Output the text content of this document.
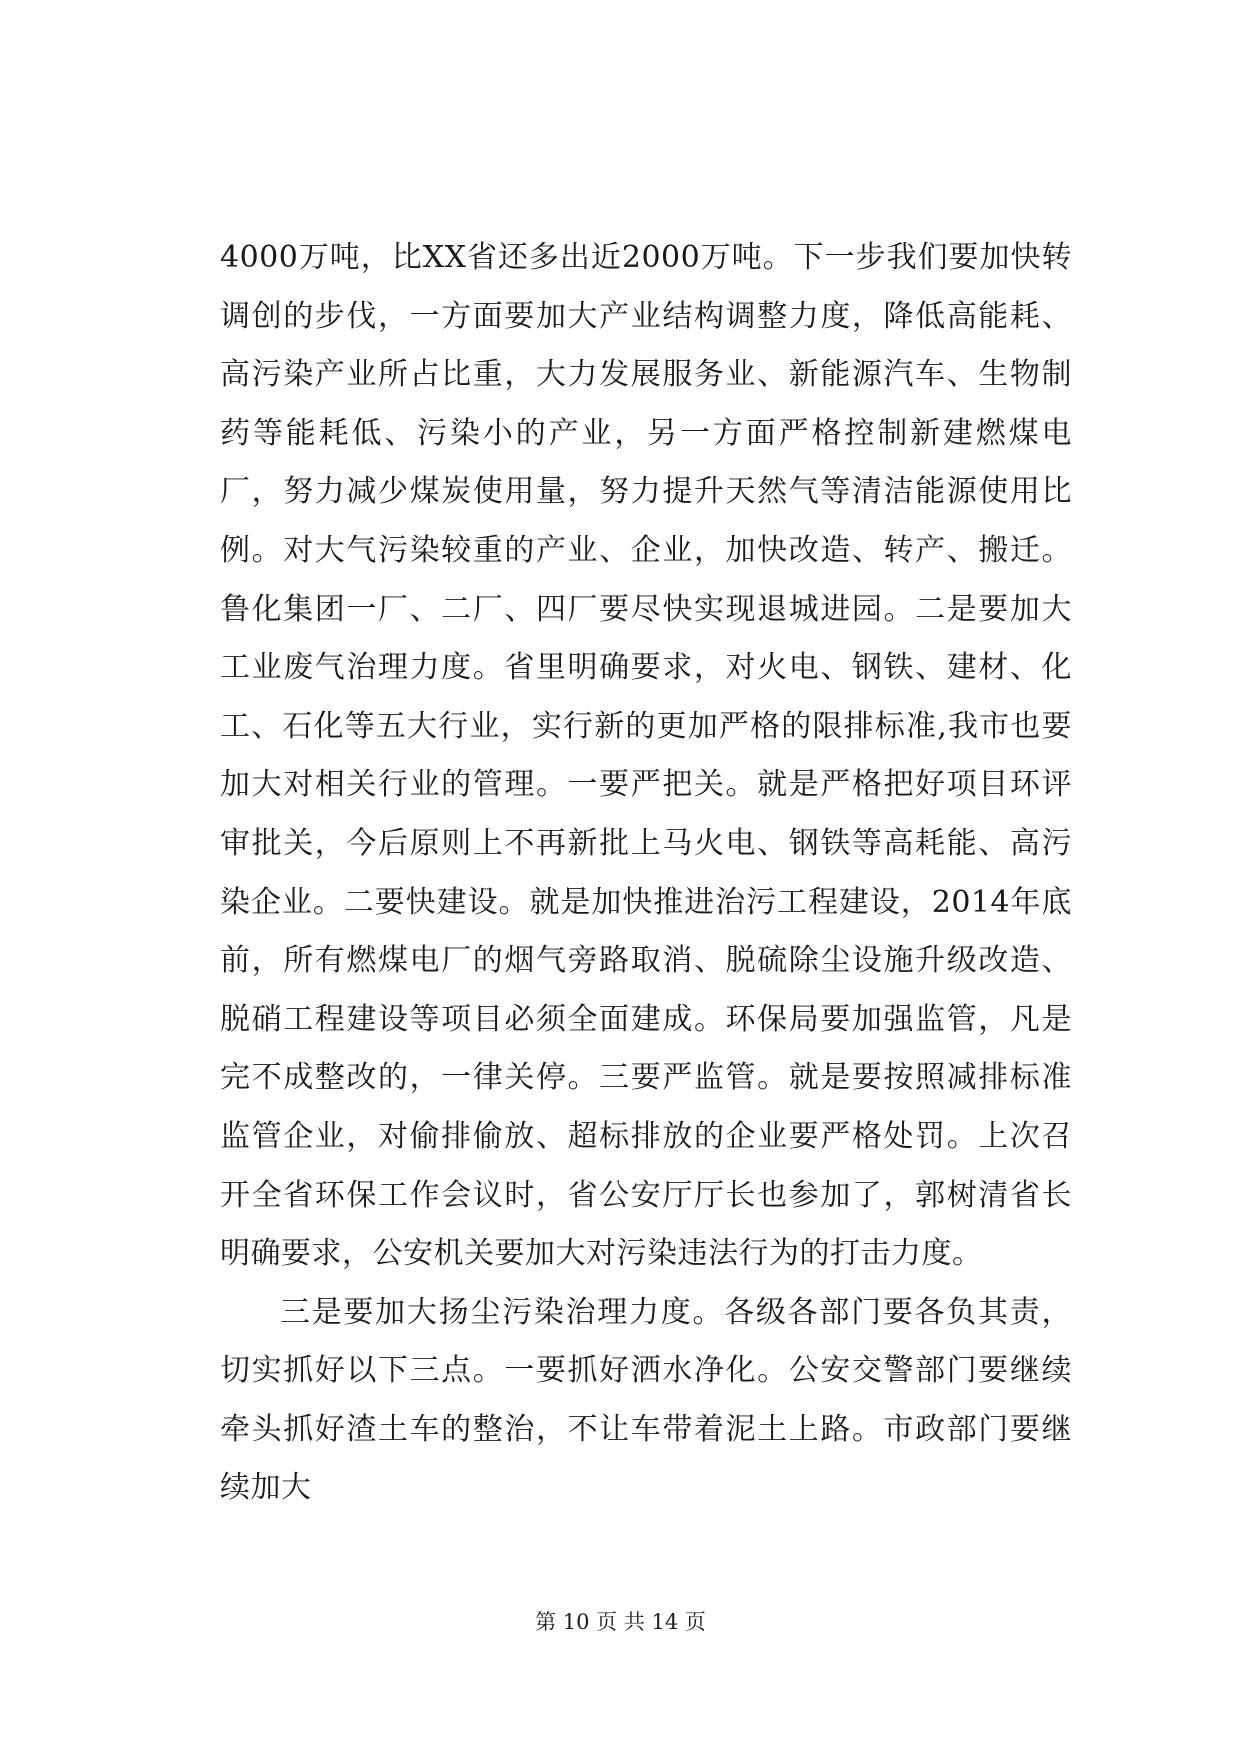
4000万吨，比XX省还多出近2000万吨。下一步我们要加快转调创的步伐，一方面要加大产业结构调整力度，降低高能耗、高污染产业所占比重，大力发展服务业、新能源汽车、生物制药等能耗低、污染小的产业，另一方面严格控制新建燃煤电厂，努力减少煤炭使用量，努力提升天然气等清洁能源使用比例。对大气污染较重的产业、企业，加快改造、转产、搬迁。鲁化集团一厂、二厂、四厂要尽快实现退城进园。二是要加大工业废气治理力度。省里明确要求，对火电、钢铁、建材、化工、石化等五大行业，实行新的更加严格的限排标准,我市也要加大对相关行业的管理。一要严把关。就是严格把好项目环评审批关，今后原则上不再新批上马火电、钢铁等高耗能、高污染企业。二要快建设。就是加快推进治污工程建设，2014年底前，所有燃煤电厂的烟气旁路取消、脱硫除尘设施升级改造、脱硝工程建设等项目必须全面建成。环保局要加强监管，凡是完不成整改的，一律关停。三要严监管。就是要按照减排标准监管企业，对偷排偷放、超标排放的企业要严格处罚。上次召开全省环保工作会议时，省公安厅厅长也参加了，郭树清省长明确要求，公安机关要加大对污染违法行为的打击力度。

三是要加大扬尘污染治理力度。各级各部门要各负其责，切实抓好以下三点。一要抓好洒水净化。公安交警部门要继续牵头抓好渣土车的整治，不让车带着泥土上路。市政部门要继续加大

第 10 页 共 14 页
